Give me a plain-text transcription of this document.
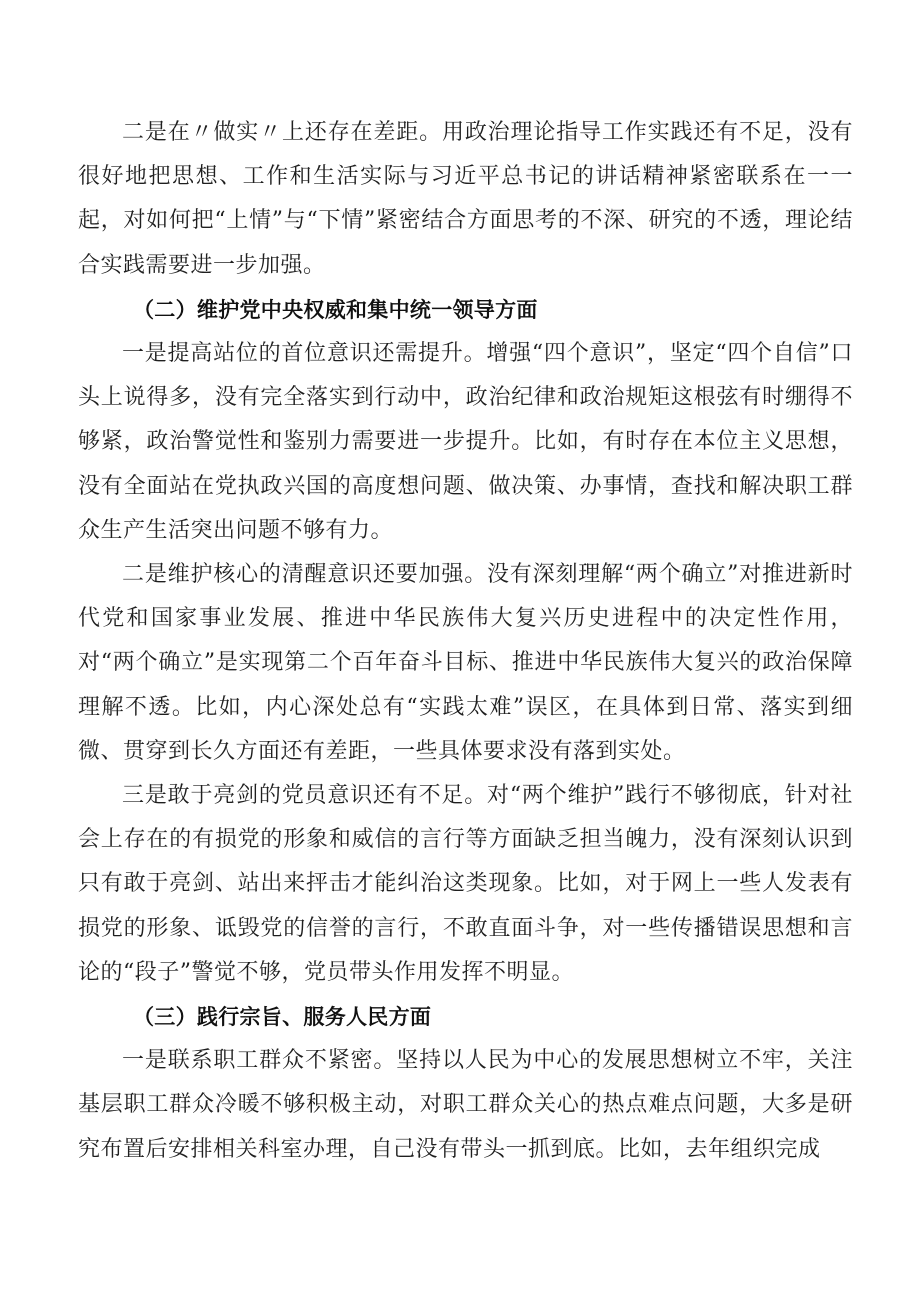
二是在〃做实〃上还存在差距。用政治理论指导工作实践还有不足，没有很好地把思想、工作和生活实际与习近平总书记的讲话精神紧密联系在一一起，对如何把“上情”与“下情”紧密结合方面思考的不深、研究的不透，理论结合实践需要进一步加强。

（二）维护党中央权威和集中统一领导方面

一是提高站位的首位意识还需提升。增强“四个意识”，坚定“四个自信”口头上说得多，没有完全落实到行动中，政治纪律和政治规矩这根弦有时绷得不够紧，政治警觉性和鉴别力需要进一步提升。比如，有时存在本位主义思想，没有全面站在党执政兴国的高度想问题、做决策、办事情，查找和解决职工群众生产生活突出问题不够有力。

二是维护核心的清醒意识还要加强。没有深刻理解“两个确立”对推进新时代党和国家事业发展、推进中华民族伟大复兴历史进程中的决定性作用，对“两个确立”是实现第二个百年奋斗目标、推进中华民族伟大复兴的政治保障理解不透。比如，内心深处总有“实践太难”误区，在具体到日常、落实到细微、贯穿到长久方面还有差距，一些具体要求没有落到实处。

三是敢于亮剑的党员意识还有不足。对“两个维护”践行不够彻底，针对社会上存在的有损党的形象和威信的言行等方面缺乏担当魄力，没有深刻认识到只有敢于亮剑、站出来抨击才能纠治这类现象。比如，对于网上一些人发表有损党的形象、诋毁党的信誉的言行，不敢直面斗争，对一些传播错误思想和言论的“段子”警觉不够，党员带头作用发挥不明显。

（三）践行宗旨、服务人民方面

一是联系职工群众不紧密。坚持以人民为中心的发展思想树立不牢，关注基层职工群众冷暖不够积极主动，对职工群众关心的热点难点问题，大多是研究布置后安排相关科室办理，自己没有带头一抓到底。比如，去年组织完成
